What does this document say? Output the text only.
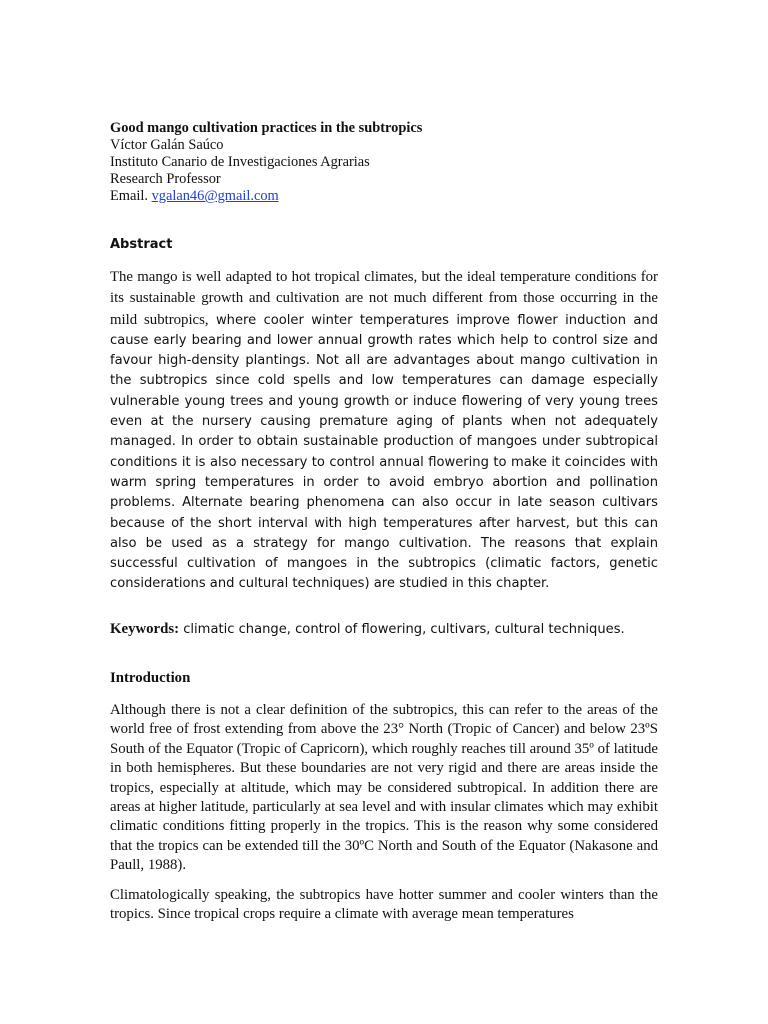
Good mango cultivation practices in the subtropics
Víctor Galán Saúco
Instituto Canario de Investigaciones Agrarias
Research Professor
Email. vgalan46@gmail.com
Abstract
The mango is well adapted to hot tropical climates, but the ideal temperature conditions for its sustainable growth and cultivation are not much different from those occurring in the mild subtropics, where cooler winter temperatures improve flower induction and cause early bearing and lower annual growth rates which help to control size and favour high-density plantings. Not all are advantages about mango cultivation in the subtropics since cold spells and low temperatures can damage especially vulnerable young trees and young growth or induce flowering of very young trees even at the nursery causing premature aging of plants when not adequately managed. In order to obtain sustainable production of mangoes under subtropical conditions it is also necessary to control annual flowering to make it coincides with warm spring temperatures in order to avoid embryo abortion and pollination problems. Alternate bearing phenomena can also occur in late season cultivars because of the short interval with high temperatures after harvest, but this can also be used as a strategy for mango cultivation. The reasons that explain successful cultivation of mangoes in the subtropics (climatic factors, genetic considerations and cultural techniques) are studied in this chapter.
Keywords: climatic change, control of flowering, cultivars, cultural techniques.
Introduction
Although there is not a clear definition of the subtropics, this can refer to the areas of the world free of frost extending from above the 23° North (Tropic of Cancer) and below 23ºS South of the Equator (Tropic of Capricorn), which roughly reaches till around 35º of latitude in both hemispheres. But these boundaries are not very rigid and there are areas inside the tropics, especially at altitude, which may be considered subtropical. In addition there are areas at higher latitude, particularly at sea level and with insular climates which may exhibit climatic conditions fitting properly in the tropics. This is the reason why some considered that the tropics can be extended till the 30ºC North and South of the Equator (Nakasone and Paull, 1988).
Climatologically speaking, the subtropics have hotter summer and cooler winters than the tropics. Since tropical crops require a climate with average mean temperatures
